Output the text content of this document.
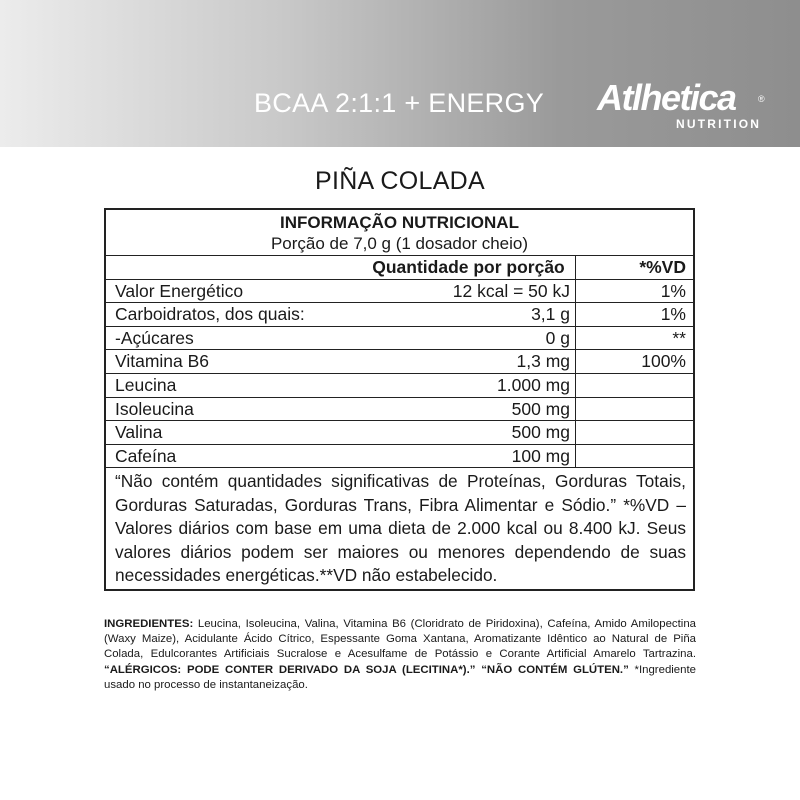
BCAA 2:1:1 + ENERGY Atlhetica ®
NUTRITION
PIÑA COLADA
INFORMAÇÃO NUTRICIONAL
Porção de 7,0 g (1 dosador cheio)
Quantidade por porção	*%VD
Valor Energético	12 kcal = 50 kJ	1%
Carboidratos, dos quais:	3,1 g	1%
-Açúcares	0 g	**
Vitamina B6	1,3 mg	100%
Leucina	1.000 mg
Isoleucina	500 mg
Valina	500 mg
Cafeína	100 mg
“Não contém quantidades significativas de Proteínas, Gorduras Totais, Gorduras Saturadas, Gorduras Trans, Fibra Alimentar e Sódio.” *%VD – Valores diários com base em uma dieta de 2.000 kcal ou 8.400 kJ. Seus valores diários podem ser maiores ou menores dependendo de suas necessidades energéticas.**VD não estabelecido.
INGREDIENTES: Leucina, Isoleucina, Valina, Vitamina B6 (Cloridrato de Piridoxina), Cafeína, Amido Amilopectina (Waxy Maize), Acidulante Ácido Cítrico, Espessante Goma Xantana, Aromatizante Idêntico ao Natural de Piña Colada, Edulcorantes Artificiais Sucralose e Acesulfame de Potássio e Corante Artificial Amarelo Tartrazina. “ALÉRGICOS: PODE CONTER DERIVADO DA SOJA (LECITINA*).” “NÃO CONTÉM GLÚTEN.” *Ingrediente usado no processo de instantaneização.
